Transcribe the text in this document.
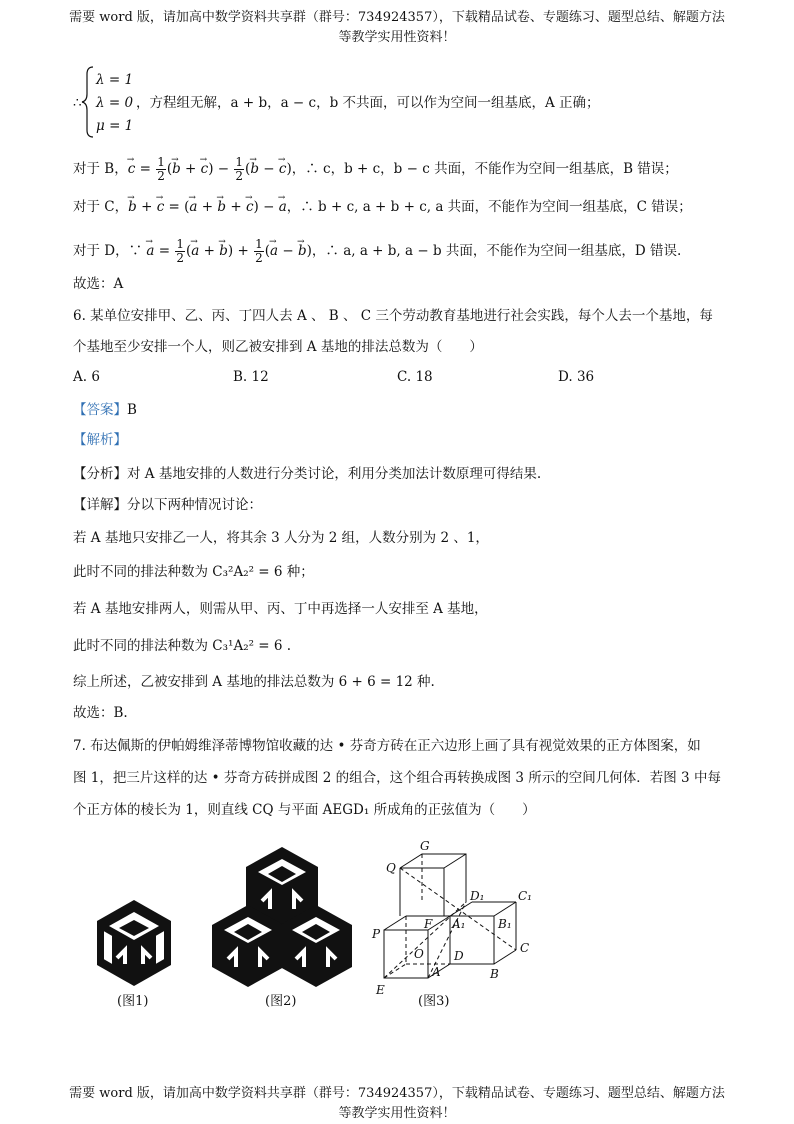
需要 word 版，请加高中数学资料共享群（群号：734924357），下载精品试卷、专题练习、题型总结、解题方法
等教学实用性资料！
λ = 1
λ = 0
μ = 1
∴	，方程组无解，a + b，a − c，b 不共面，可以作为空间一组基底，A 正确；
对于 B，→ $c = \frac{1}{2}$ (→ b + → $c) - \frac{1}{2}$ (→ b − → c)，∴ c，b + c，b − c 共面，不能作为空间一组基底，B 错误；
对于 C，→ b + → c = (→ a + → b + → c) − → a，∴ b + c, a + b + c, a 共面，不能作为空间一组基底，C 错误；
对于 D，∵ → $a = \frac{1}{2}$ (→ a + → $b) + \frac{1}{2}$ (→ a − → b)，∴ a, a + b, a − b 共面，不能作为空间一组基底，D 错误.
故选：A
6. 某单位安排甲、乙、丙、丁四人去 A 、 B 、 C 三个劳动教育基地进行社会实践，每个人去一个基地，每
个基地至少安排一个人，则乙被安排到 A 基地的排法总数为（　　）
A. 6	B. 12	C. 18	D. 36
【答案】B
【解析】
【分析】对 A 基地安排的人数进行分类讨论，利用分类加法计数原理可得结果.
【详解】分以下两种情况讨论：
若 A 基地只安排乙一人，将其余 3 人分为 2 组，人数分别为 2 、1，
此时不同的排法种数为 C₃²A₂² = 6 种；
若 A 基地安排两人，则需从甲、丙、丁中再选择一人安排至 A 基地，
此时不同的排法种数为 C₃¹A₂² = 6 .
综上所述，乙被安排到 A 基地的排法总数为 6 + 6 = 12 种.
故选：B.
7. 布达佩斯的伊帕姆维泽蒂博物馆收藏的达 • 芬奇方砖在正六边形上画了具有视觉效果的正方体图案，如
图 1，把三片这样的达 • 芬奇方砖拼成图 2 的组合，这个组合再转换成图 3 所示的空间几何体．若图 3 中每
个正方体的棱长为 1，则直线 CQ 与平面 AEGD₁ 所成角的正弦值为（　　）
G
Q
D₁	C₁
F A₁	B₁
P
O	D
C
A
E
B
(图1)	(图2)	(图3)
需要 word 版，请加高中数学资料共享群（群号：734924357），下载精品试卷、专题练习、题型总结、解题方法
等教学实用性资料！
